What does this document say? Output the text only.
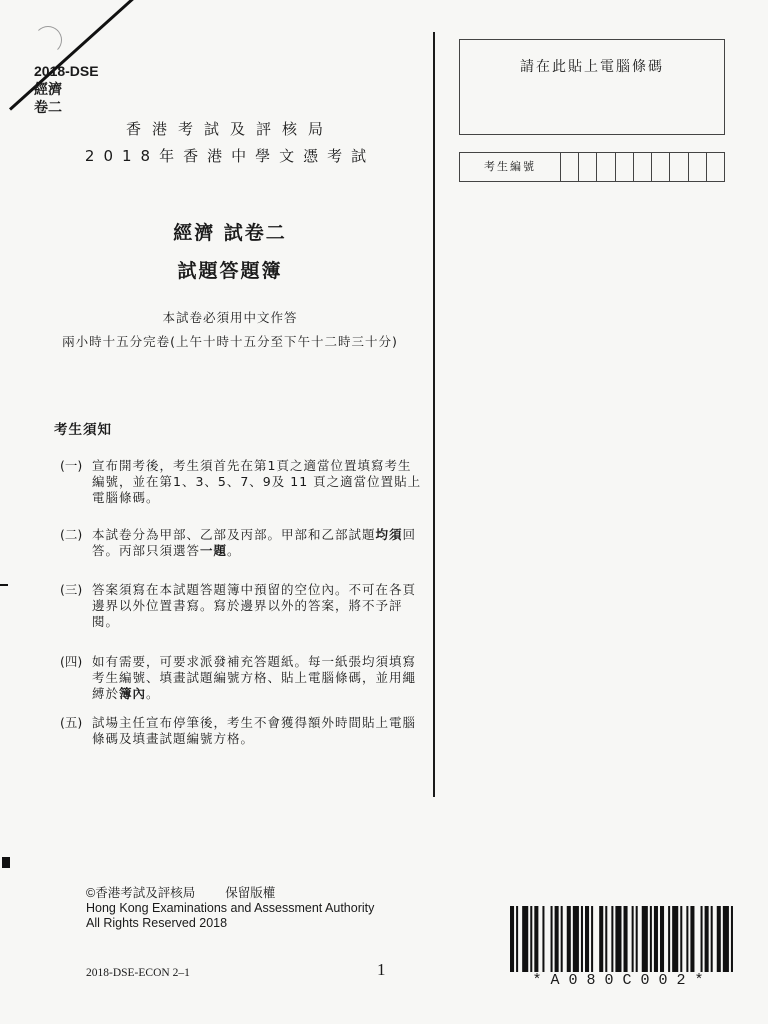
2018-DSE
經濟
卷二
香港考試及評核局
2018年香港中學文憑考試
經濟 試卷二
試題答題簿
本試卷必須用中文作答
兩小時十五分完卷(上午十時十五分至下午十二時三十分)
考生須知
(一) 宣布開考後，考生須首先在第1頁之適當位置填寫考生編號，並在第1、3、5、7、9及 11 頁之適當位置貼上電腦條碼。
(二) 本試卷分為甲部、乙部及丙部。甲部和乙部試題均須回答。丙部只須選答一題。
(三) 答案須寫在本試題答題簿中預留的空位內。不可在各頁邊界以外位置書寫。寫於邊界以外的答案，將不予評閱。
(四) 如有需要，可要求派發補充答題紙。每一紙張均須填寫考生編號、填畫試題編號方格、貼上電腦條碼，並用繩縛於簿內。
(五) 試場主任宣布停筆後，考生不會獲得額外時間貼上電腦條碼及填畫試題編號方格。
請在此貼上電腦條碼
考生編號
©香港考試及評核局 保留版權
Hong Kong Examinations and Assessment Authority
All Rights Reserved 2018
2018-DSE-ECON 2–1	1
*A080C002*
